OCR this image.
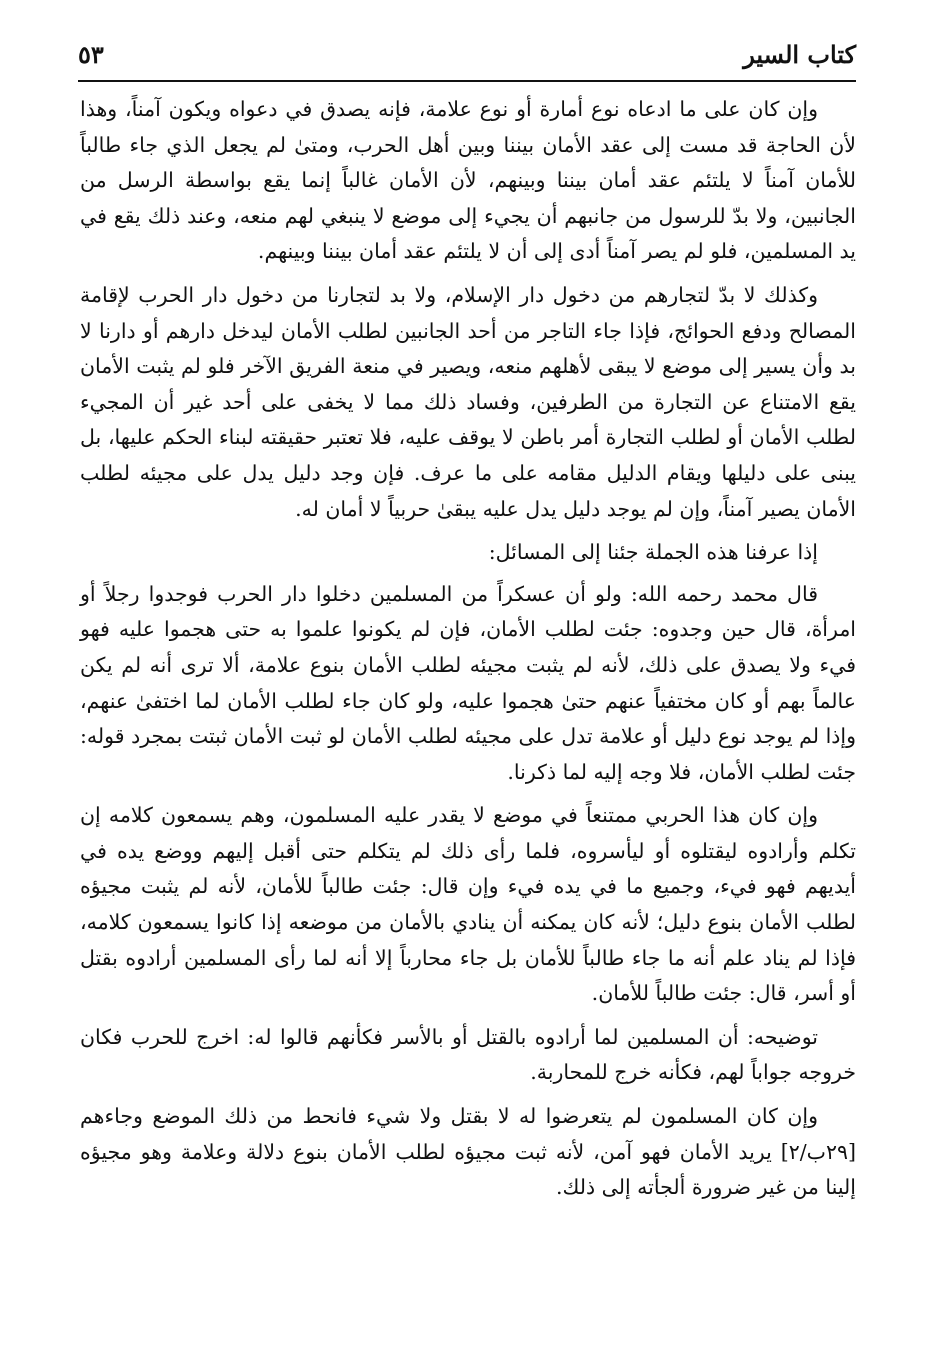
كتاب السير
٥٣

وإن كان على ما ادعاه نوع أمارة أو نوع علامة، فإنه يصدق في دعواه ويكون آمناً، وهذا لأن الحاجة قد مست إلى عقد الأمان بيننا وبين أهل الحرب، ومتىٰ لم يجعل الذي جاء طالباً للأمان آمناً لا يلتئم عقد أمان بيننا وبينهم، لأن الأمان غالباً إنما يقع بواسطة الرسل من الجانبين، ولا بدّ للرسول من جانبهم أن يجيء إلى موضع لا ينبغي لهم منعه، وعند ذلك يقع في يد المسلمين، فلو لم يصر آمناً أدى إلى أن لا يلتئم عقد أمان بيننا وبينهم.

وكذلك لا بدّ لتجارهم من دخول دار الإسلام، ولا بد لتجارنا من دخول دار الحرب لإقامة المصالح ودفع الحوائج، فإذا جاء التاجر من أحد الجانبين لطلب الأمان ليدخل دارهم أو دارنا لا بد وأن يسير إلى موضع لا يبقى لأهلهم منعه، ويصير في منعة الفريق الآخر فلو لم يثبت الأمان يقع الامتناع عن التجارة من الطرفين، وفساد ذلك مما لا يخفى على أحد غير أن المجيء لطلب الأمان أو لطلب التجارة أمر باطن لا يوقف عليه، فلا تعتبر حقيقته لبناء الحكم عليها، بل يبنى على دليلها ويقام الدليل مقامه على ما عرف. فإن وجد دليل يدل على مجيئه لطلب الأمان يصير آمناً، وإن لم يوجد دليل يدل عليه يبقىٰ حربياً لا أمان له.

إذا عرفنا هذه الجملة جئنا إلى المسائل:

قال محمد رحمه الله: ولو أن عسكراً من المسلمين دخلوا دار الحرب فوجدوا رجلاً أو امرأة، قال حين وجدوه: جئت لطلب الأمان، فإن لم يكونوا علموا به حتى هجموا عليه فهو فيء ولا يصدق على ذلك، لأنه لم يثبت مجيئه لطلب الأمان بنوع علامة، ألا ترى أنه لم يكن عالماً بهم أو كان مختفياً عنهم حتىٰ هجموا عليه، ولو كان جاء لطلب الأمان لما اختفىٰ عنهم، وإذا لم يوجد نوع دليل أو علامة تدل على مجيئه لطلب الأمان لو ثبت الأمان ثبتت بمجرد قوله: جئت لطلب الأمان، فلا وجه إليه لما ذكرنا.

وإن كان هذا الحربي ممتنعاً في موضع لا يقدر عليه المسلمون، وهم يسمعون كلامه إن تكلم وأرادوه ليقتلوه أو ليأسروه، فلما رأى ذلك لم يتكلم حتى أقبل إليهم ووضع يده في أيديهم فهو فيء، وجميع ما في يده فيء وإن قال: جئت طالباً للأمان، لأنه لم يثبت مجيؤه لطلب الأمان بنوع دليل؛ لأنه كان يمكنه أن ينادي بالأمان من موضعه إذا كانوا يسمعون كلامه، فإذا لم يناد علم أنه ما جاء طالباً للأمان بل جاء محارباً إلا أنه لما رأى المسلمين أرادوه بقتل أو أسر، قال: جئت طالباً للأمان.

توضيحه: أن المسلمين لما أرادوه بالقتل أو بالأسر فكأنهم قالوا له: اخرج للحرب فكان خروجه جواباً لهم، فكأنه خرج للمحاربة.

وإن كان المسلمون لم يتعرضوا له لا بقتل ولا شيء فانحط من ذلك الموضع وجاءهم [٢٩ب/٢] يريد الأمان فهو آمن، لأنه ثبت مجيؤه لطلب الأمان بنوع دلالة وعلامة وهو مجيؤه إلينا من غير ضرورة ألجأته إلى ذلك.
